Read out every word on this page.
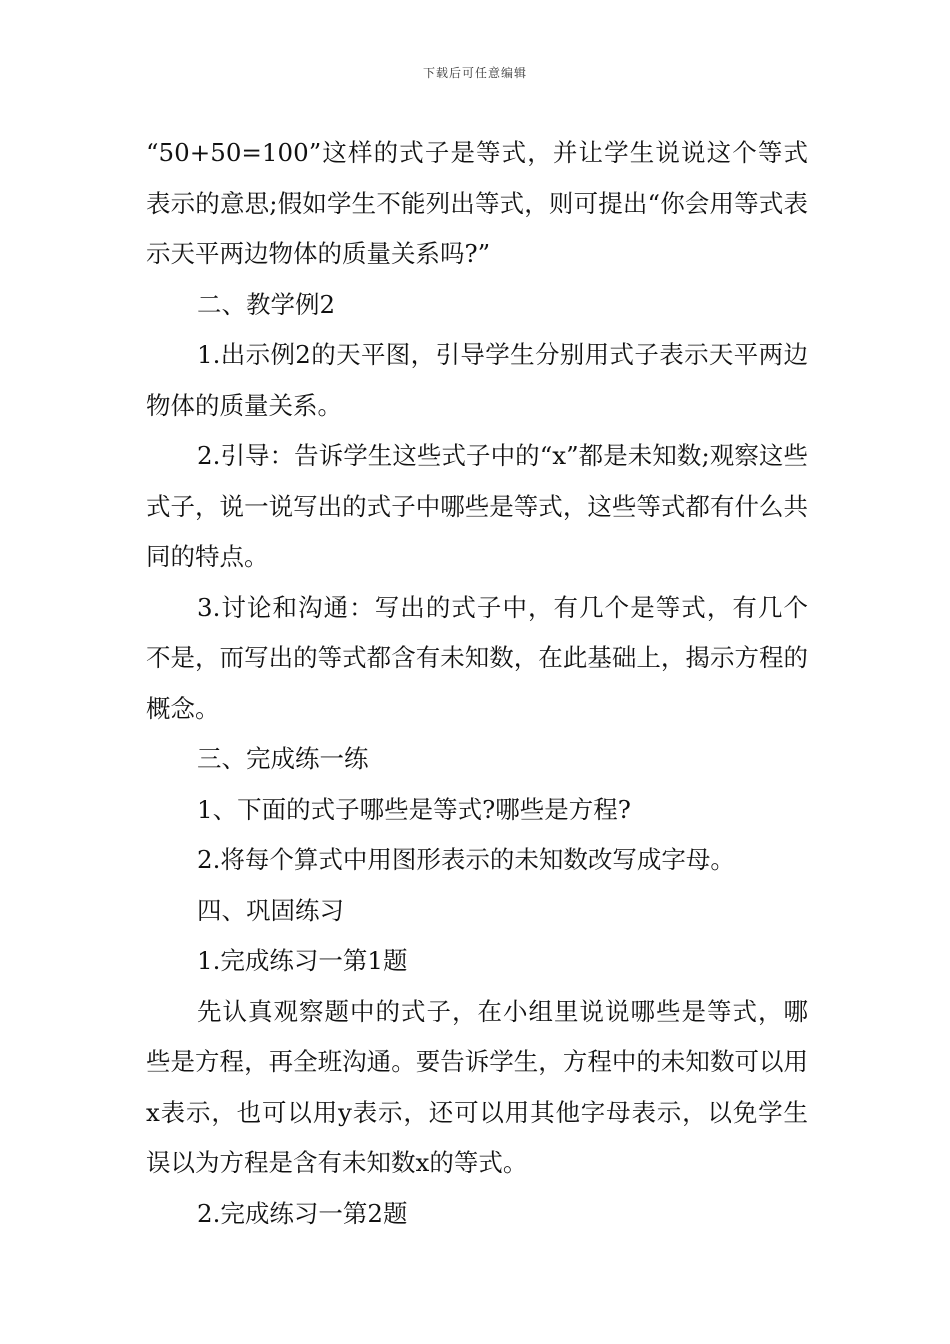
下载后可任意编辑

“50+50=100”这样的式子是等式，并让学生说说这个等式表示的意思;假如学生不能列出等式，则可提出“你会用等式表示天平两边物体的质量关系吗?”

二、教学例2

1.出示例2的天平图，引导学生分别用式子表示天平两边物体的质量关系。

2.引导：告诉学生这些式子中的“x”都是未知数;观察这些式子，说一说写出的式子中哪些是等式，这些等式都有什么共同的特点。

3.讨论和沟通：写出的式子中，有几个是等式，有几个不是，而写出的等式都含有未知数，在此基础上，揭示方程的概念。

三、完成练一练

1、下面的式子哪些是等式?哪些是方程?

2.将每个算式中用图形表示的未知数改写成字母。

四、巩固练习

1.完成练习一第1题

先认真观察题中的式子，在小组里说说哪些是等式，哪些是方程，再全班沟通。要告诉学生，方程中的未知数可以用x表示，也可以用y表示，还可以用其他字母表示，以免学生误以为方程是含有未知数x的等式。

2.完成练习一第2题
